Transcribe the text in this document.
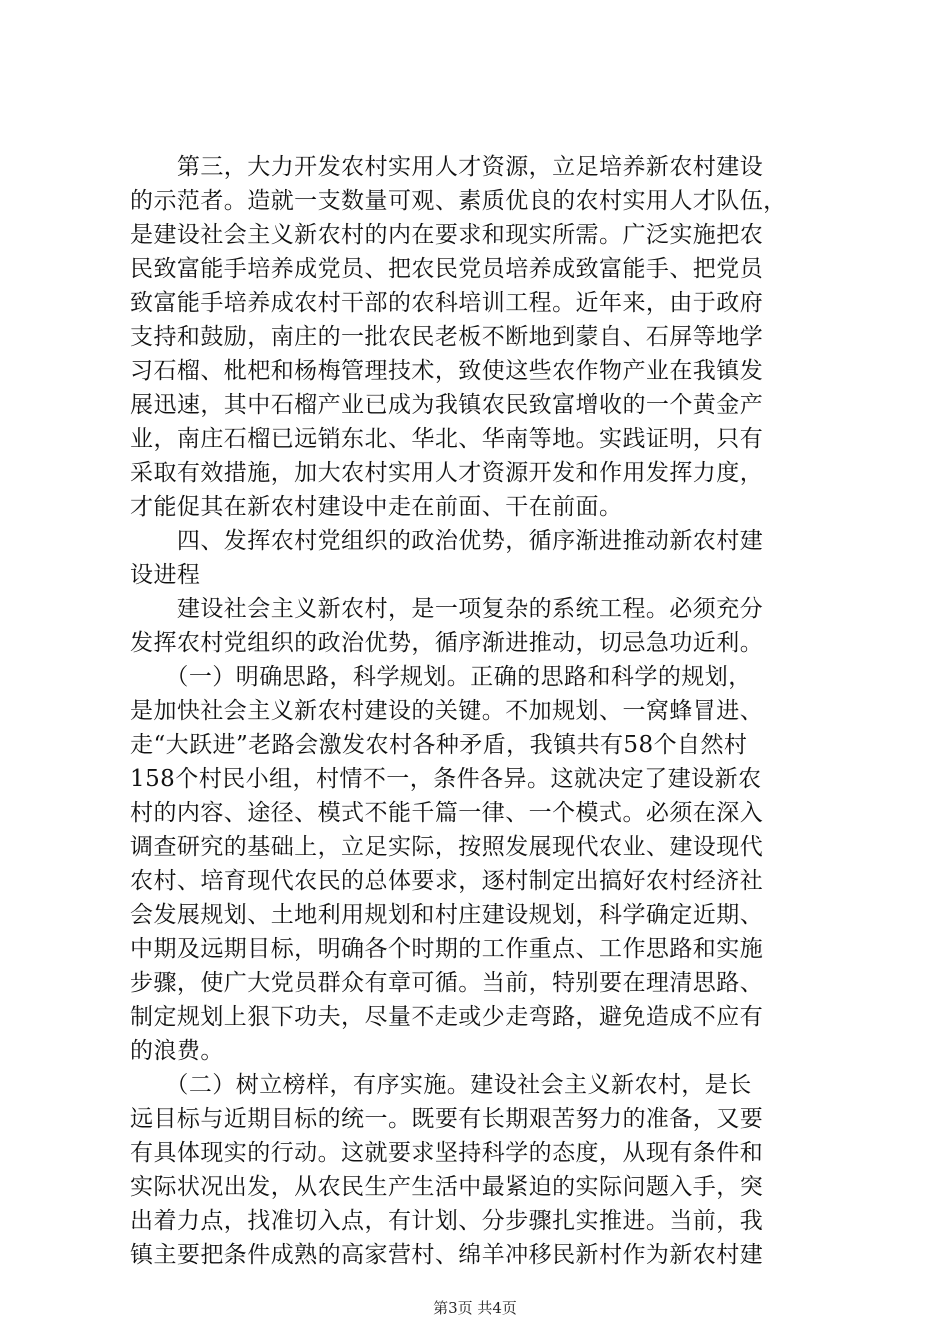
　　第三，大力开发农村实用人才资源，立足培养新农村建设
的示范者。造就一支数量可观、素质优良的农村实用人才队伍，
是建设社会主义新农村的内在要求和现实所需。广泛实施把农
民致富能手培养成党员、把农民党员培养成致富能手、把党员
致富能手培养成农村干部的农科培训工程。近年来，由于政府
支持和鼓励，南庄的一批农民老板不断地到蒙自、石屏等地学
习石榴、枇杷和杨梅管理技术，致使这些农作物产业在我镇发
展迅速，其中石榴产业已成为我镇农民致富增收的一个黄金产
业，南庄石榴已远销东北、华北、华南等地。实践证明，只有
采取有效措施，加大农村实用人才资源开发和作用发挥力度，
才能促其在新农村建设中走在前面、干在前面。
　　四、发挥农村党组织的政治优势，循序渐进推动新农村建
设进程
　　建设社会主义新农村，是一项复杂的系统工程。必须充分
发挥农村党组织的政治优势，循序渐进推动，切忌急功近利。
　　（一）明确思路，科学规划。正确的思路和科学的规划，
是加快社会主义新农村建设的关键。不加规划、一窝蜂冒进、
走“大跃进”老路会激发农村各种矛盾，我镇共有58个自然村
158个村民小组，村情不一，条件各异。这就决定了建设新农
村的内容、途径、模式不能千篇一律、一个模式。必须在深入
调查研究的基础上，立足实际，按照发展现代农业、建设现代
农村、培育现代农民的总体要求，逐村制定出搞好农村经济社
会发展规划、土地利用规划和村庄建设规划，科学确定近期、
中期及远期目标，明确各个时期的工作重点、工作思路和实施
步骤，使广大党员群众有章可循。当前，特别要在理清思路、
制定规划上狠下功夫，尽量不走或少走弯路，避免造成不应有
的浪费。
　　（二）树立榜样，有序实施。建设社会主义新农村，是长
远目标与近期目标的统一。既要有长期艰苦努力的准备，又要
有具体现实的行动。这就要求坚持科学的态度，从现有条件和
实际状况出发，从农民生产生活中最紧迫的实际问题入手，突
出着力点，找准切入点，有计划、分步骤扎实推进。当前，我
镇主要把条件成熟的高家营村、绵羊冲移民新村作为新农村建
第3页 共4页
